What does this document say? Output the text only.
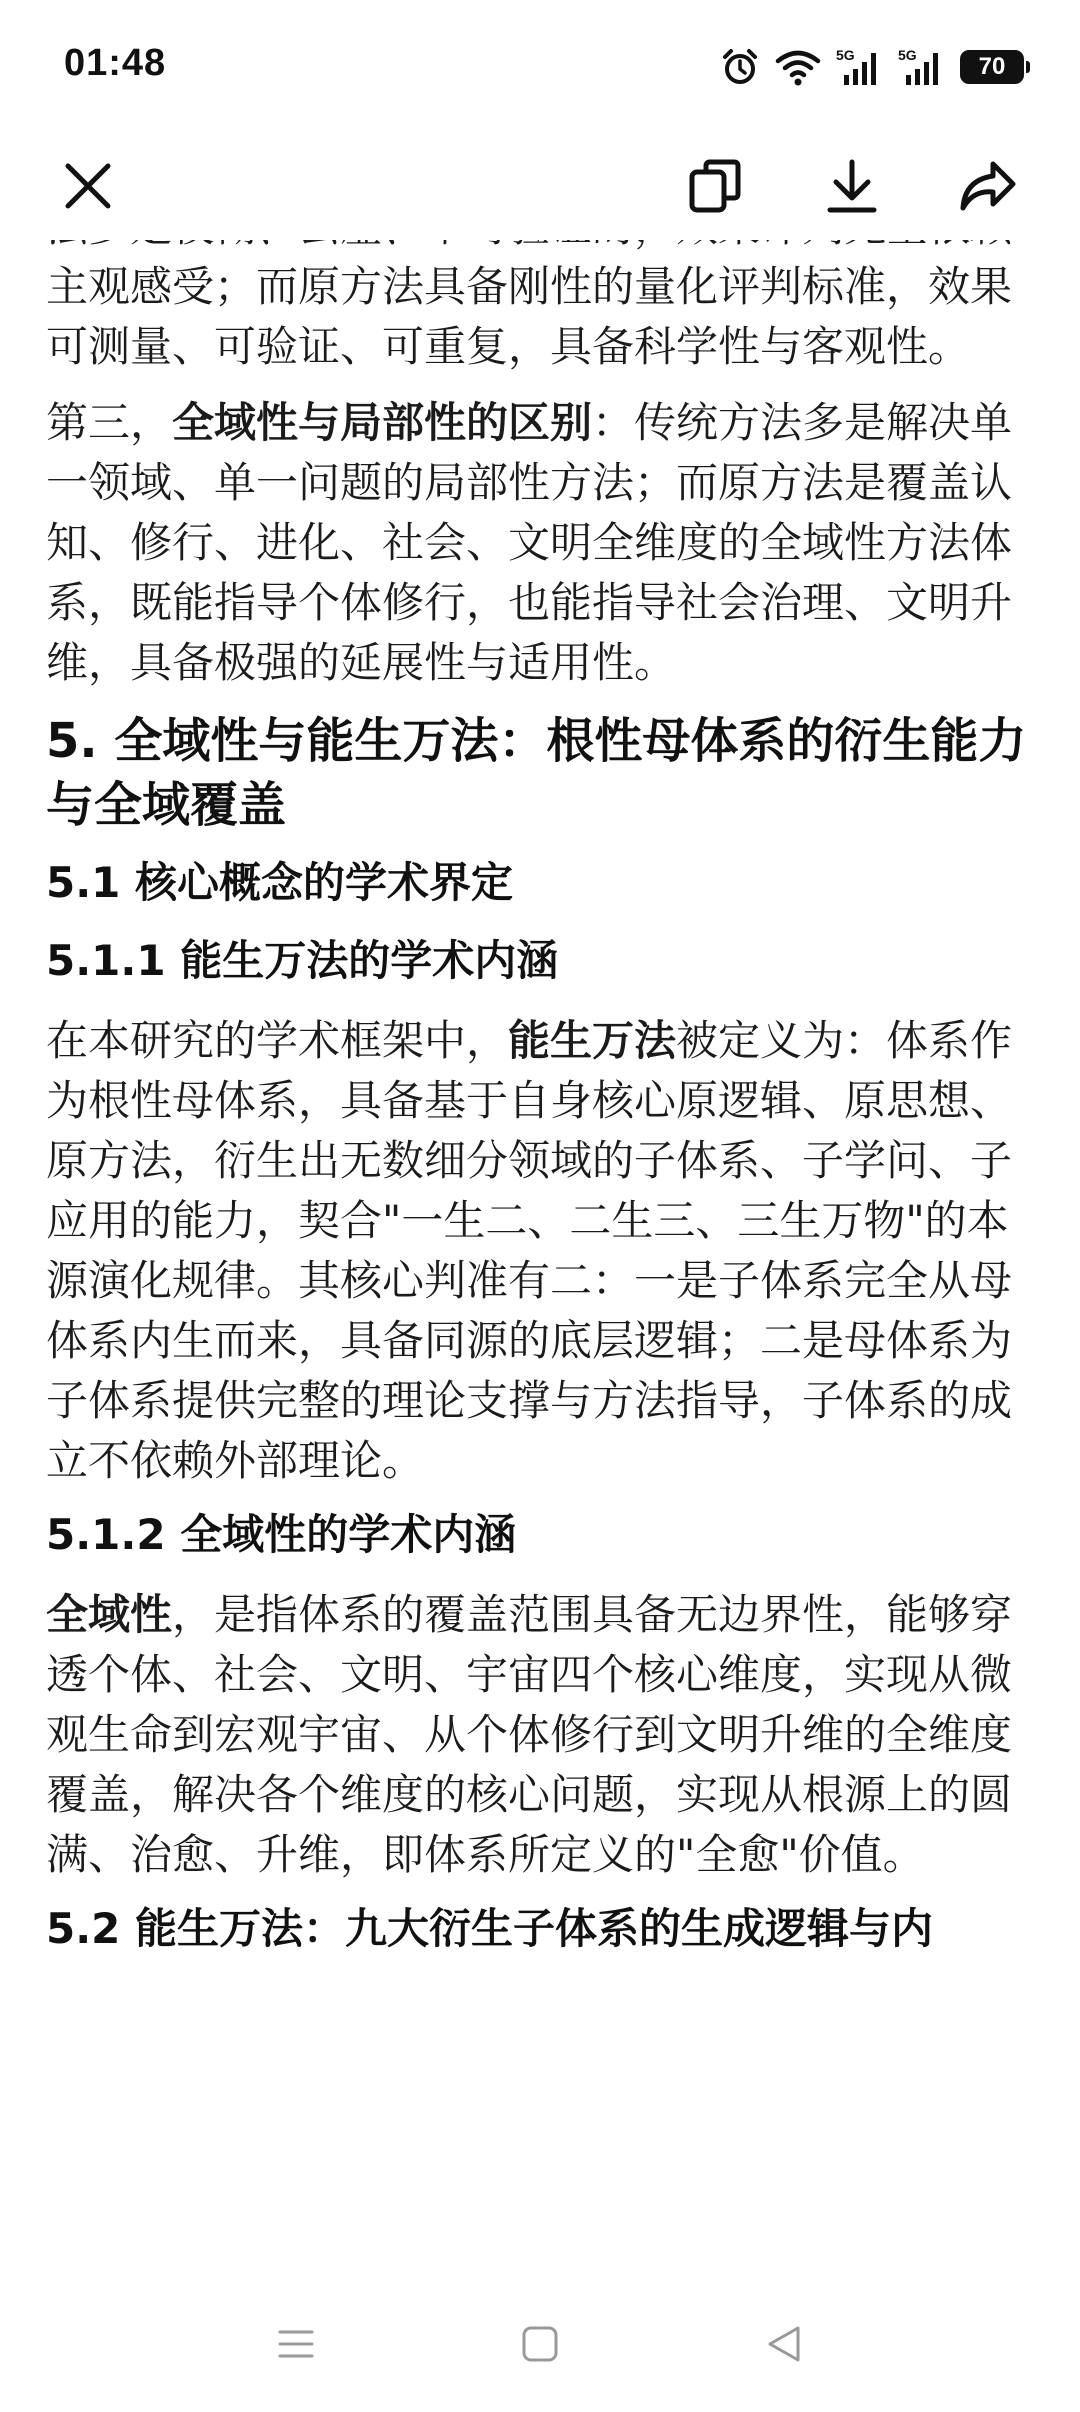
01:48	5G	5G	70

主观感受；而原方法具备刚性的量化评判标准，效果可测量、可验证、可重复，具备科学性与客观性。

第三，全域性与局部性的区别：传统方法多是解决单一领域、单一问题的局部性方法；而原方法是覆盖认知、修行、进化、社会、文明全维度的全域性方法体系，既能指导个体修行，也能指导社会治理、文明升维，具备极强的延展性与适用性。

5. 全域性与能生万法：根性母体系的衍生能力与全域覆盖
5.1 核心概念的学术界定
5.1.1 能生万法的学术内涵

在本研究的学术框架中，能生万法被定义为：体系作为根性母体系，具备基于自身核心原逻辑、原思想、原方法，衍生出无数细分领域的子体系、子学问、子应用的能力，契合"一生二、二生三、三生万物"的本源演化规律。其核心判准有二：一是子体系完全从母体系内生而来，具备同源的底层逻辑；二是母体系为子体系提供完整的理论支撑与方法指导，子体系的成立不依赖外部理论。

5.1.2 全域性的学术内涵

全域性，是指体系的覆盖范围具备无边界性，能够穿透个体、社会、文明、宇宙四个核心维度，实现从微观生命到宏观宇宙、从个体修行到文明升维的全维度覆盖，解决各个维度的核心问题，实现从根源上的圆满、治愈、升维，即体系所定义的"全愈"价值。

5.2 能生万法：九大衍生子体系的生成逻辑与内
